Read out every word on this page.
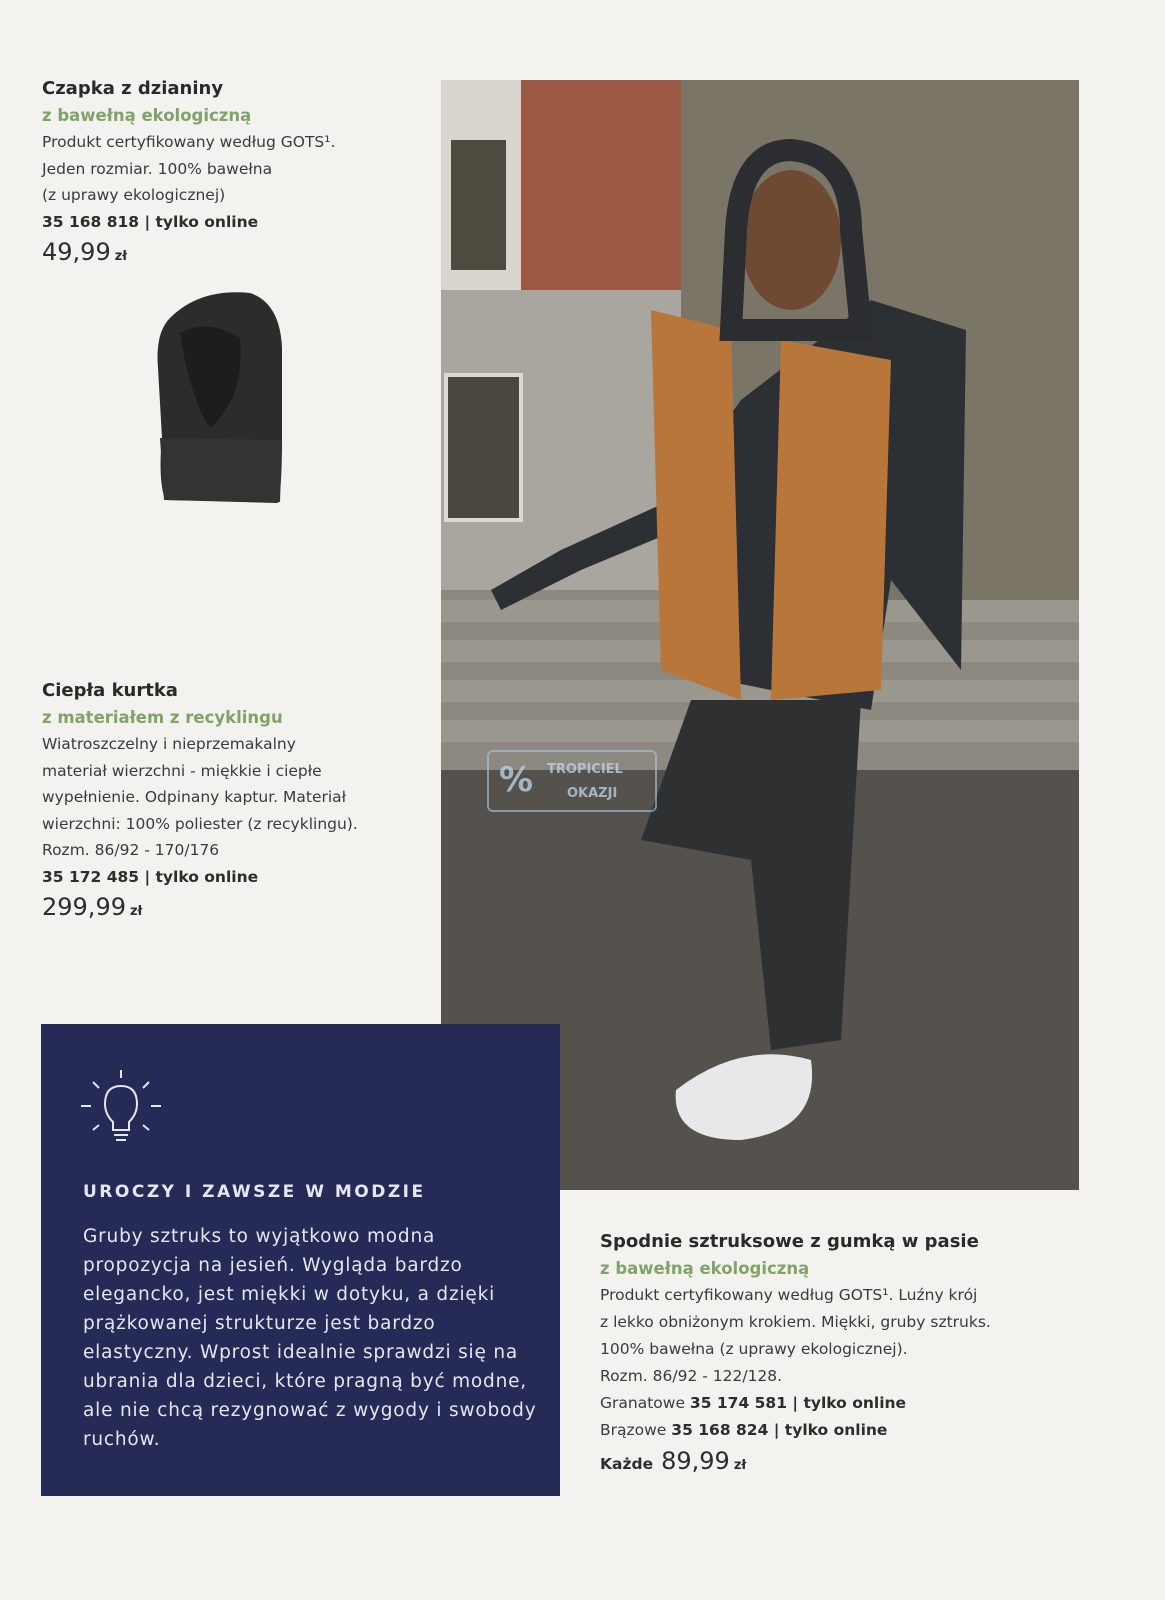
Czapka z dzianiny
z bawełną ekologiczną
Produkt certyfikowany według GOTS¹.
Jeden rozmiar. 100% bawełna
(z uprawy ekologicznej)
35 168 818 | tylko online
49,99 zł
Ciepła kurtka
z materiałem z recyklingu
Wiatroszczelny i nieprzemakalny
materiał wierzchni - miękkie i ciepłe
wypełnienie. Odpinany kaptur. Materiał
wierzchni: 100% poliester (z recyklingu).
Rozm. 86/92 - 170/176
35 172 485 | tylko online
299,99 zł
% TROPICIEL
OKAZJI
UROCZY I ZAWSZE W MODZIE
Gruby sztruks to wyjątkowo modna propozycja na jesień. Wygląda bardzo elegancko, jest miękki w dotyku, a dzięki prążkowanej strukturze jest bardzo elastyczny. Wprost idealnie sprawdzi się na ubrania dla dzieci, które pragną być modne, ale nie chcą rezygnować z wygody i swobody ruchów.
Spodnie sztruksowe z gumką w pasie
z bawełną ekologiczną
Produkt certyfikowany według GOTS¹. Luźny krój
z lekko obniżonym krokiem. Miękki, gruby sztruks.
100% bawełna (z uprawy ekologicznej).
Rozm. 86/92 - 122/128.
Granatowe 35 174 581 | tylko online
Brązowe 35 168 824 | tylko online
Każde 89,99 zł
